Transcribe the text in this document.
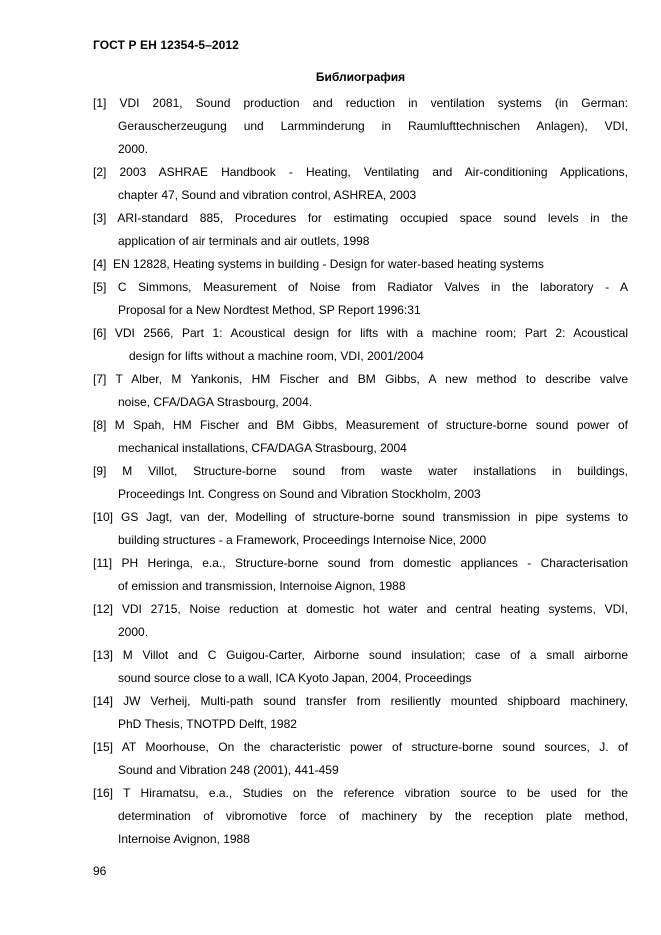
ГОСТ Р ЕН 12354-5–2012
Библиография
[1] VDI 2081, Sound production and reduction in ventilation systems (in German:
Gerauscherzeugung und Larmminderung in Raumlufttechnischen Anlagen), VDI,
2000.
[2] 2003 ASHRAE Handbook - Heating, Ventilating and Air-conditioning Applications,
chapter 47, Sound and vibration control, ASHREA, 2003
[3] ARI-standard 885, Procedures for estimating occupied space sound levels in the
application of air terminals and air outlets, 1998
[4] EN 12828, Heating systems in building - Design for water-based heating systems
[5] C Simmons, Measurement of Noise from Radiator Valves in the laboratory - A
Proposal for a New Nordtest Method, SP Report 1996:31
[6] VDI 2566, Part 1: Acoustical design for lifts with a machine room; Part 2: Acoustical
design for lifts without a machine room, VDI, 2001/2004
[7] T Alber, M Yankonis, HM Fischer and BM Gibbs, A new method to describe valve
noise, CFA/DAGA Strasbourg, 2004.
[8] M Spah, HM Fischer and BM Gibbs, Measurement of structure-borne sound power of
mechanical installations, CFA/DAGA Strasbourg, 2004
[9] M Villot, Structure-borne sound from waste water installations in buildings,
Proceedings Int. Congress on Sound and Vibration Stockholm, 2003
[10] GS Jagt, van der, Modelling of structure-borne sound transmission in pipe systems to
building structures - a Framework, Proceedings Internoise Nice, 2000
[11] PH Heringa, e.a., Structure-borne sound from domestic appliances - Characterisation
of emission and transmission, Internoise Aignon, 1988
[12] VDI 2715, Noise reduction at domestic hot water and central heating systems, VDI,
2000.
[13] M Villot and C Guigou-Carter, Airborne sound insulation; case of a small airborne
sound source close to a wall, ICA Kyoto Japan, 2004, Proceedings
[14] JW Verheij, Multi-path sound transfer from resiliently mounted shipboard machinery,
PhD Thesis, TNOTPD Delft, 1982
[15] AT Moorhouse, On the characteristic power of structure-borne sound sources, J. of
Sound and Vibration 248 (2001), 441-459
[16] T Hiramatsu, e.a., Studies on the reference vibration source to be used for the
determination of vibromotive force of machinery by the reception plate method,
Internoise Avignon, 1988
96
